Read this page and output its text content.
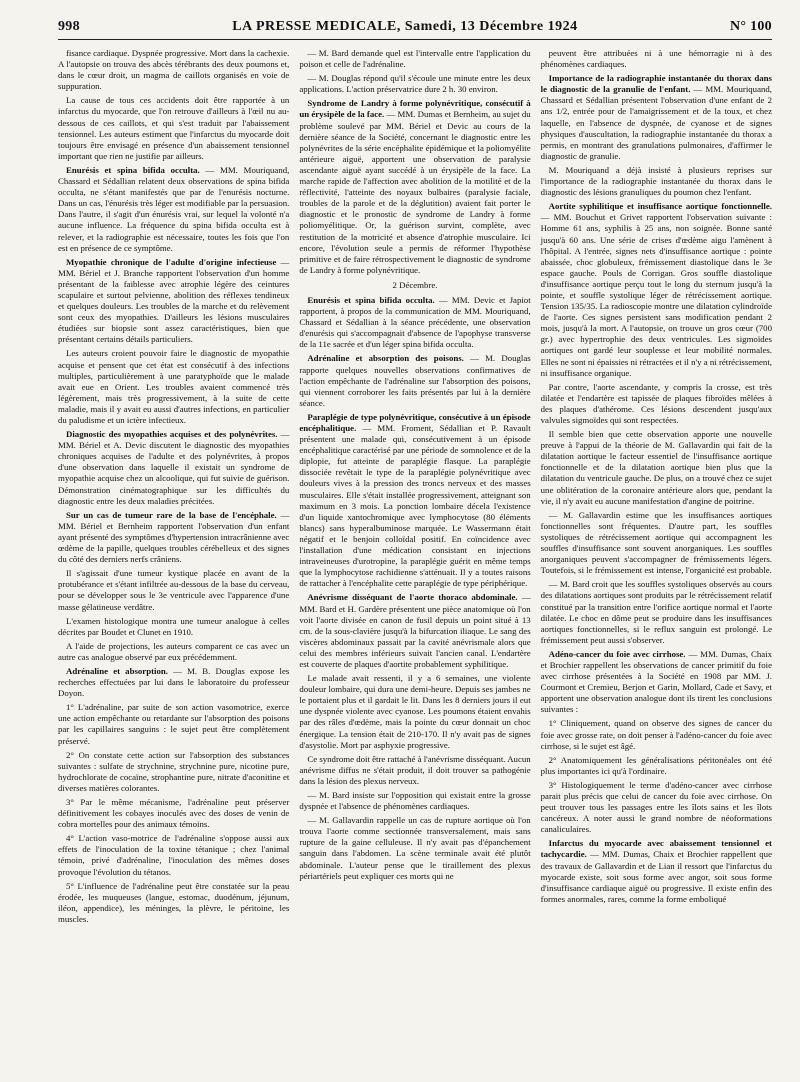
998	LA PRESSE MEDICALE, Samedi, 13 Décembre 1924	N° 100

fisance cardiaque. Dyspnée progressive. Mort dans la cachexie. A l'autopsie on trouva des abcès térébrants des deux poumons et, dans le cœur droit, un magma de caillots organisés en voie de suppuration.

La cause de tous ces accidents doit être rapportée à un infarctus du myocarde, que l'on retrouve d'ailleurs à l'œil nu au-dessous de ces caillots, et qui s'est traduit par l'abaissement tensionnel. Les auteurs estiment que l'infarctus du myocarde doit toujours être envisagé en présence d'un abaissement tensionnel important que rien ne justifie par ailleurs.

Enurésis et spina bifida occulta. — MM. Mouriquand, Chassard et Sédallian relatent deux observations de spina bifida occulta, ne s'étant manifestés que par de l'enurésis nocturne. Dans un cas, l'énurésis très léger est modifiable par la persuasion. Dans l'autre, il s'agit d'un énurésis vrai, sur lequel la volonté n'a aucune influence. La fréquence du spina bifida occulta est à relever, et la radiographie est nécessaire, toutes les fois que l'on est en présence de ce symptôme.

Myopathie chronique de l'adulte d'origine infectieuse — MM. Bériel et J. Branche rapportent l'observation d'un homme présentant de la faiblesse avec atrophie légère des ceintures scapulaire et surtout pelvienne, abolition des réflexes tendineux et quelques douleurs. Les troubles de la marche et du relèvement sont ceux des myopathies. D'ailleurs les lésions musculaires étudiées sur biopsie sont assez caractéristiques, bien que présentant certains détails particuliers.

Les auteurs croient pouvoir faire le diagnostic de myopathie acquise et pensent que cet état est consécutif à des infections multiples, particulièrement à une paratyphoïde que le malade avait eue en Orient. Les troubles avaient commencé très légèrement, mais très progressivement, à la suite de cette maladie, mais il y avait eu aussi d'autres infections, en particulier du paludisme et un ictère infectieux.

Diagnostic des myopathies acquises et des polynévrites. — MM. Bériel et A. Devic discutent le diagnostic des myopathies chroniques acquises de l'adulte et des polynévrites, à propos d'une observation dans laquelle il existait un syndrome de myopathie acquise chez un alcoolique, qui fut suivie de guérison. Démonstration cinématographique sur les difficultés du diagnostic entre les deux maladies précitées.

Sur un cas de tumeur rare de la base de l'encéphale. — MM. Bériel et Bernheim rapportent l'observation d'un enfant ayant présenté des symptômes d'hypertension intracrânienne avec œdème de la papille, quelques troubles cérébelleux et des signes du côté des derniers nerfs crâniens.

Il s'agissait d'une tumeur kystique placée en avant de la protubérance et s'étant infiltrée au-dessous de la base du cerveau, pour se développer sous le 3e ventricule avec l'apparence d'une masse gélatineuse verdâtre.

L'examen histologique montra une tumeur analogue à celles décrites par Boudet et Clunet en 1910.

A l'aide de projections, les auteurs comparent ce cas avec un autre cas analogue observé par eux précédemment.

Adrénaline et absorption. — M. B. Douglas expose les recherches effectuées par lui dans le laboratoire du professeur Doyon.

1° L'adrénaline, par suite de son action vasomotrice, exerce une action empêchante ou retardante sur l'absorption des poisons par les capillaires sanguins : le sujet peut être complètement préservé.

2° On constate cette action sur l'absorption des substances suivantes : sulfate de strychnine, strychnine pure, nicotine pure, hydrochlorate de cocaïne, strophantine pure, nitrate d'aconitine et diverses matières colorantes.

3° Par le même mécanisme, l'adrénaline peut préserver définitivement les cobayes inoculés avec des doses de venin de cobra mortelles pour des animaux témoins.

4° L'action vaso-motrice de l'adrénaline s'oppose aussi aux effets de l'inoculation de la toxine tétanique ; chez l'animal témoin, privé d'adrénaline, l'inoculation des mêmes doses provoque l'évolution du tétanos.

5° L'influence de l'adrénaline peut être constatée sur la peau érodée, les muqueuses (langue, estomac, duodénum, jéjunum, iléon, appendice), les méninges, la plèvre, le péritoine, les muscles.

— M. Bard demande quel est l'intervalle entre l'application du poison et celle de l'adrénaline.

— M. Douglas répond qu'il s'écoule une minute entre les deux applications. L'action préservatrice dure 2 h. 30 environ.

Syndrome de Landry à forme polynévritique, consécutif à un érysipèle de la face. — MM. Dumas et Bernheim, au sujet du problème soulevé par MM. Bériel et Devic au cours de la dernière séance de la Société, concernant le diagnostic entre les polynévrites de la série encéphalite épidémique et la poliomyélite antérieure aiguë, apportent une observation de paralysie ascendante aiguë ayant succédé à un érysipèle de la face. La marche rapide de l'affection avec abolition de la motilité et de la réflectivité, l'atteinte des noyaux bulbaires (paralysie faciale, troubles de la parole et de la déglutition) avaient fait porter le diagnostic et le pronostic de syndrome de Landry à forme poliomyélitique. Or, la guérison survint, complète, avec restitution de la motricité et absence d'atrophie musculaire. Ici encore, l'évolution seule a permis de réformer l'hypothèse primitive et de faire rétrospectivement le diagnostic de syndrome de Landry à forme polynévritique.

2 Décembre.

Enurésis et spina bifida occulta. — MM. Devic et Japiot rapportent, à propos de la communication de MM. Mouriquand, Chassard et Sédallian à la séance précédente, une observation d'enurésis qui s'accompagnait d'absence de l'apophyse transverse de la 11e sacrée et d'un léger spina bifida occulta.

Adrénaline et absorption des poisons. — M. Douglas rapporte quelques nouvelles observations confirmatives de l'action empêchante de l'adrénaline sur l'absorption des poisons, qui viennent corroborer les faits présentés par lui à la dernière séance.

Paraplégie de type polynévritique, consécutive à un épisode encéphalitique. — MM. Froment, Sédallian et P. Ravault présentent une malade qui, consécutivement à un épisode encéphalitique caractérisé par une période de somnolence et de la diplopie, fut atteinte de paraplégie flasque. La paraplégie dissociée revêtait le type de la paraplégie polynévritique avec douleurs vives à la pression des troncs nerveux et des masses musculaires. Elle s'était installée progressivement, atteignant son maximum en 3 mois. La ponction lombaire décela l'existence d'un liquide xantochromique avec lymphocytose (80 éléments blancs) sans hyperalbuminose marquée. Le Wassermann était négatif et le benjoin colloïdal positif. En coïncidence avec l'installation d'une médication consistant en injections intraveineuses d'urotropine, la paraplégie guérit en même temps que la lymphocytose rachidienne s'atténuait. Il y a toutes raisons de rattacher à l'encéphalite cette paraplégie de type périphérique.

Anévrisme disséquant de l'aorte thoraco abdominale. — MM. Bard et H. Gardère présentent une pièce anatomique où l'on voit l'aorte divisée en canon de fusil depuis un point situé à 13 cm. de la sous-clavière jusqu'à la bifurcation iliaque. Le sang des viscères abdominaux passait par la cavité anévrismale alors que celui des membres inférieurs suivait l'ancien canal. L'endartère est couverte de plaques d'aortite probablement syphilitique.

Le malade avait ressenti, il y a 6 semaines, une violente douleur lombaire, qui dura une demi-heure. Depuis ses jambes ne le portaient plus et il gardait le lit. Dans les 8 derniers jours il eut une dyspnée violente avec cyanose. Les poumons étaient envahis par des râles d'œdème, mais la pointe du cœur donnait un choc énergique. La tension était de 210-170. Il n'y avait pas de signes d'asystolie. Mort par asphyxie progressive.

Ce syndrome doit être rattaché à l'anévrisme disséquant. Aucun anévrisme diffus ne s'était produit, il doit trouver sa pathogénie dans la lésion des plexus nerveux.

— M. Bard insiste sur l'opposition qui existait entre la grosse dyspnée et l'absence de phénomènes cardiaques.

— M. Gallavardin rappelle un cas de rupture aortique où l'on trouva l'aorte comme sectionnée transversalement, mais sans rupture de la gaine celluleuse. Il n'y avait pas d'épanchement sanguin dans l'abdomen. La scène terminale avait été plutôt abdominale. L'auteur pense que le tiraillement des plexus périartériels peut expliquer ces morts qui ne

peuvent être attribuées ni à une hémorragie ni à des phénomènes cardiaques.

Importance de la radiographie instantanée du thorax dans le diagnostic de la granulie de l'enfant. — MM. Mouriquand, Chassard et Sédallian présentent l'observation d'une enfant de 2 ans 1/2, entrée pour de l'amaigrissement et de la toux, et chez laquelle, en l'absence de dyspnée, de cyanose et de signes physiques d'auscultation, la radiographie instantanée du thorax a permis, en montrant des granulations pulmonaires, d'affirmer le diagnostic de granulie.

M. Mouriquand a déjà insisté à plusieurs reprises sur l'importance de la radiographie instantanée du thorax dans le diagnostic des lésions granuliques du poumon chez l'enfant.

Aortite syphilitique et insuffisance aortique fonctionnelle. — MM. Bouchut et Grivet rapportent l'observation suivante : Homme 61 ans, syphilis à 25 ans, non soignée. Bonne santé jusqu'à 60 ans. Une série de crises d'œdème aigu l'amènent à l'hôpital. A l'entrée, signes nets d'insuffisance aortique : pointe abaissée, choc globuleux, frémissement diastolique dans le 3e espace gauche. Pouls de Corrigan. Gros souffle diastolique d'insuffisance aortique perçu tout le long du sternum jusqu'à la pointe, et souffle systolique léger de rétrécissement aortique. Tension 135/35. La radioscopie montre une dilatation cylindroïde de l'aorte. Ces signes persistent sans modification pendant 2 mois, jusqu'à la mort. A l'autopsie, on trouve un gros cœur (700 gr.) avec hypertrophie des deux ventricules. Les sigmoïdes aortiques ont gardé leur souplesse et leur mobilité normales. Elles ne sont ni épaissies ni rétractées et il n'y a ni rétrécissement, ni insuffisance organique.

Par contre, l'aorte ascendante, y compris la crosse, est très dilatée et l'endartère est tapissée de plaques fibroïdes mêlées à des plaques d'athérome. Ces lésions descendent jusqu'aux valvules sigmoïdes qui sont respectées.

Il semble bien que cette observation apporte une nouvelle preuve à l'appui de la théorie de M. Gallavardin qui fait de la dilatation aortique le facteur essentiel de l'insuffisance aortique fonctionnelle et de la dilatation aortique bien plus que la dilatation du ventricule gauche. De plus, on a trouvé chez ce sujet une oblitération de la coronaire antérieure alors que, pendant la vie, il n'y avait eu aucune manifestation d'angine de poitrine.

— M. Gallavardin estime que les insuffisances aortiques fonctionnelles sont fréquentes. D'autre part, les souffles systoliques de rétrécissement aortique qui accompagnent les souffles d'insuffisance sont souvent anorganiques. Les souffles anorganiques peuvent s'accompagner de frémissements légers. Toutefois, si le frémissement est intense, l'organicité est probable.

— M. Bard croit que les souffles systoliques observés au cours des dilatations aortiques sont produits par le rétrécissement relatif constitué par la transition entre l'orifice aortique normal et l'aorte dilatée. Le choc en dôme peut se produire dans les insuffisances aortiques fonctionnelles, si le reflux sanguin est prolongé. Le frémissement peut aussi s'observer.

Adéno-cancer du foie avec cirrhose. — MM. Dumas, Chaix et Brochier rappellent les observations de cancer primitif du foie avec cirrhose présentées à la Société en 1908 par MM. J. Courmont et Cremieu, Berjon et Garin, Mollard, Cade et Savy, et apportent une observation analogue dont ils tirent les conclusions suivantes :

1° Cliniquement, quand on observe des signes de cancer du foie avec grosse rate, on doit penser à l'adéno-cancer du foie avec cirrhose, si le sujet est âgé.

2° Anatomiquement les généralisations péritonéales ont été plus importantes ici qu'à l'ordinaire.

3° Histologiquement le terme d'adéno-cancer avec cirrhose parait plus précis que celui de cancer du foie avec cirrhose. On peut trouver tous les passages entre les îlots sains et les îlots cancéreux. A noter aussi le grand nombre de néoformations canaliculaires.

Infarctus du myocarde avec abaissement tensionnel et tachycardie. — MM. Dumas, Chaix et Brochier rappellent que des travaux de Gallavardin et de Lian il ressort que l'infarctus du myocarde existe, soit sous forme avec angor, soit sous forme d'insuffisance cardiaque aiguë ou progressive. Il existe enfin des formes anormales, rares, comme la forme emboliqué
